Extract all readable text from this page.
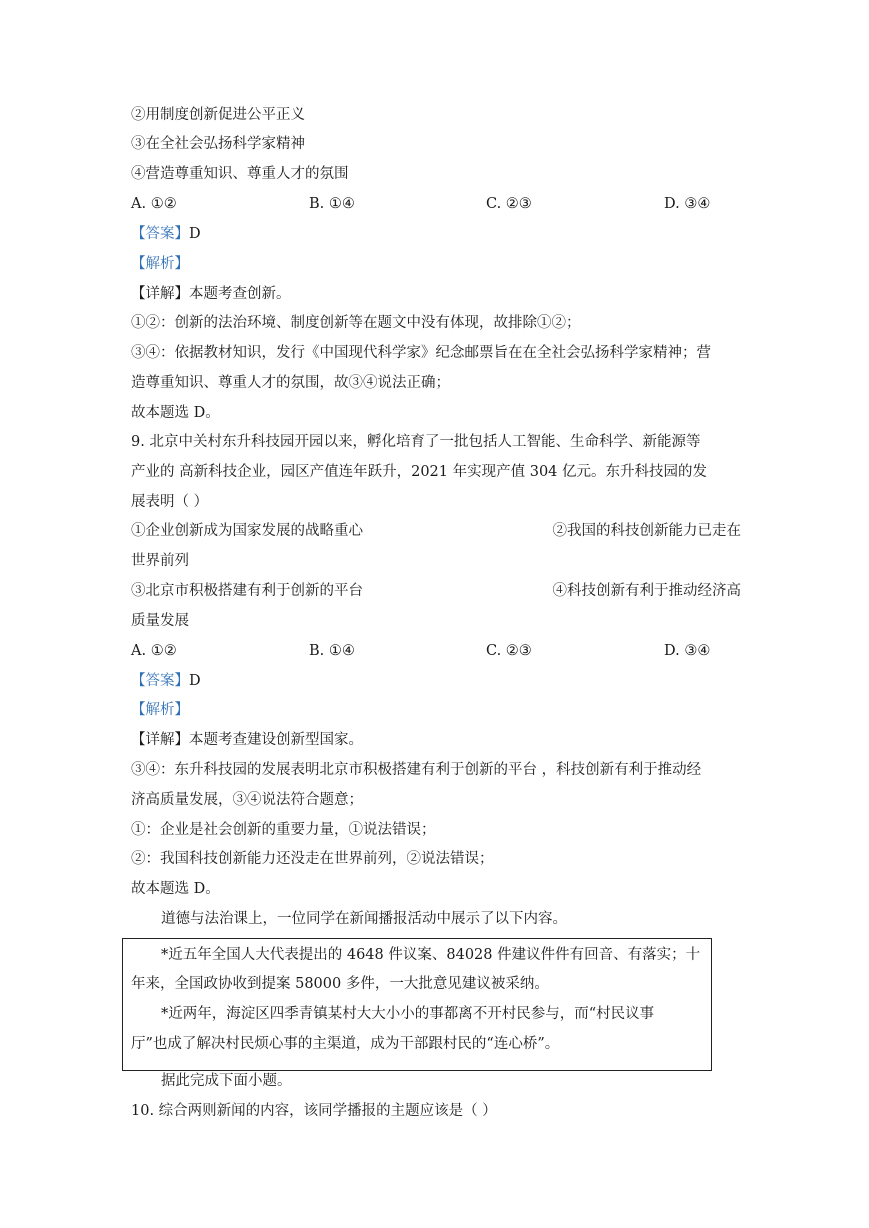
②用制度创新促进公平正义
③在全社会弘扬科学家精神
④营造尊重知识、尊重人才的氛围
A. ①②	B. ①④	C. ②③	D. ③④
【答案】D
【解析】
【详解】本题考查创新。
①②：创新的法治环境、制度创新等在题文中没有体现，故排除①②；
③④：依据教材知识，发行《中国现代科学家》纪念邮票旨在在全社会弘扬科学家精神；营
造尊重知识、尊重人才的氛围，故③④说法正确；
故本题选 D。
9. 北京中关村东升科技园开园以来，孵化培育了一批包括人工智能、生命科学、新能源等
产业的 高新科技企业，园区产值连年跃升，2021 年实现产值 304 亿元。东升科技园的发
展表明（ ）
①企业创新成为国家发展的战略重心	②我国的科技创新能力已走在
世界前列
③北京市积极搭建有利于创新的平台	④科技创新有利于推动经济高
质量发展
A. ①②	B. ①④	C. ②③	D. ③④
【答案】D
【解析】
【详解】本题考查建设创新型国家。
③④：东升科技园的发展表明北京市积极搭建有利于创新的平台 ，科技创新有利于推动经
济高质量发展，③④说法符合题意；
①：企业是社会创新的重要力量，①说法错误；
②：我国科技创新能力还没走在世界前列，②说法错误；
故本题选 D。
道德与法治课上，一位同学在新闻播报活动中展示了以下内容。
*近五年全国人大代表提出的 4648 件议案、84028 件建议件件有回音、有落实；十
年来，全国政协收到提案 58000 多件，一大批意见建议被采纳。
*近两年，海淀区四季青镇某村大大小小的事都离不开村民参与，而“村民议事
厅”也成了解决村民烦心事的主渠道，成为干部跟村民的“连心桥”。
据此完成下面小题。
10. 综合两则新闻的内容，该同学播报的主题应该是（ ）
